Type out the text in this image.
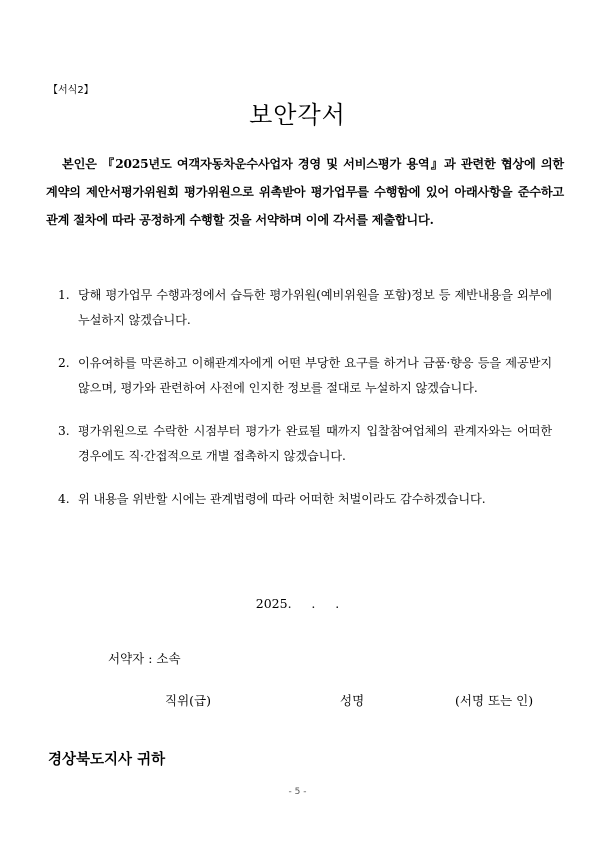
【서식2】
보안각서
본인은 『2025년도 여객자동차운수사업자 경영 및 서비스평가 용역』과 관련한 협상에 의한 계약의 제안서평가위원회 평가위원으로 위촉받아 평가업무를 수행함에 있어 아래사항을 준수하고 관계 절차에 따라 공정하게 수행할 것을 서약하며 이에 각서를 제출합니다.
1. 당해 평가업무 수행과정에서 습득한 평가위원(예비위원을 포함)정보 등 제반내용을 외부에 누설하지 않겠습니다.
2. 이유여하를 막론하고 이해관계자에게 어떤 부당한 요구를 하거나 금품·향응 등을 제공받지 않으며, 평가와 관련하여 사전에 인지한 정보를 절대로 누설하지 않겠습니다.
3. 평가위원으로 수락한 시점부터 평가가 완료될 때까지 입찰참여업체의 관계자와는 어떠한 경우에도 직·간접적으로 개별 접촉하지 않겠습니다.
4. 위 내용을 위반할 시에는 관계법령에 따라 어떠한 처벌이라도 감수하겠습니다.
2025.     .     .
서약자 : 소속
직위(급)	성명	(서명 또는 인)
경상북도지사 귀하
- 5 -
